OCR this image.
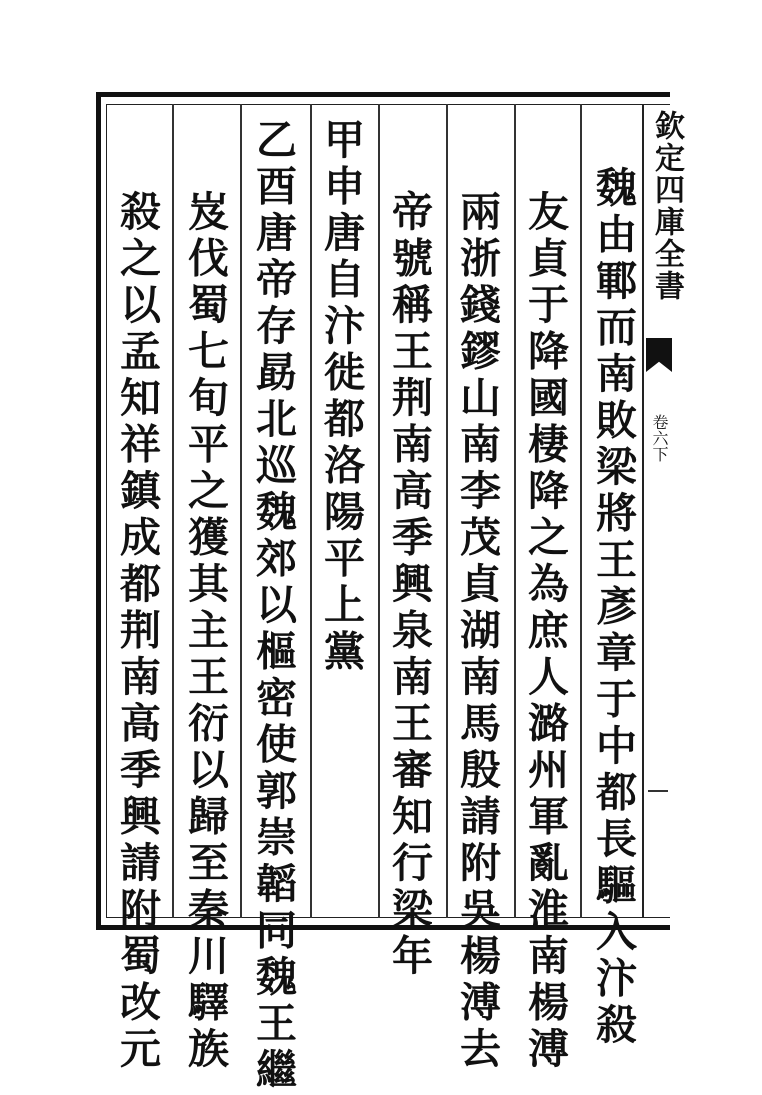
欽定四庫全書
卷六下
魏由鄆而南敗梁將王彥章于中都長驅入汴殺
友貞于降國棲降之為庶人潞州軍亂淮南楊溥
兩浙錢鏐山南李茂貞湖南馬殷請附吳楊溥去
帝號稱王荆南高季興泉南王審知行梁年
甲申唐自汴徙都洛陽平上黨
乙酉唐帝存勗北巡魏郊以樞密使郭崇韜同魏王繼
岌伐蜀七旬平之獲其主王衍以歸至秦川驛族
殺之以孟知祥鎮成都荆南高季興請附蜀改元
